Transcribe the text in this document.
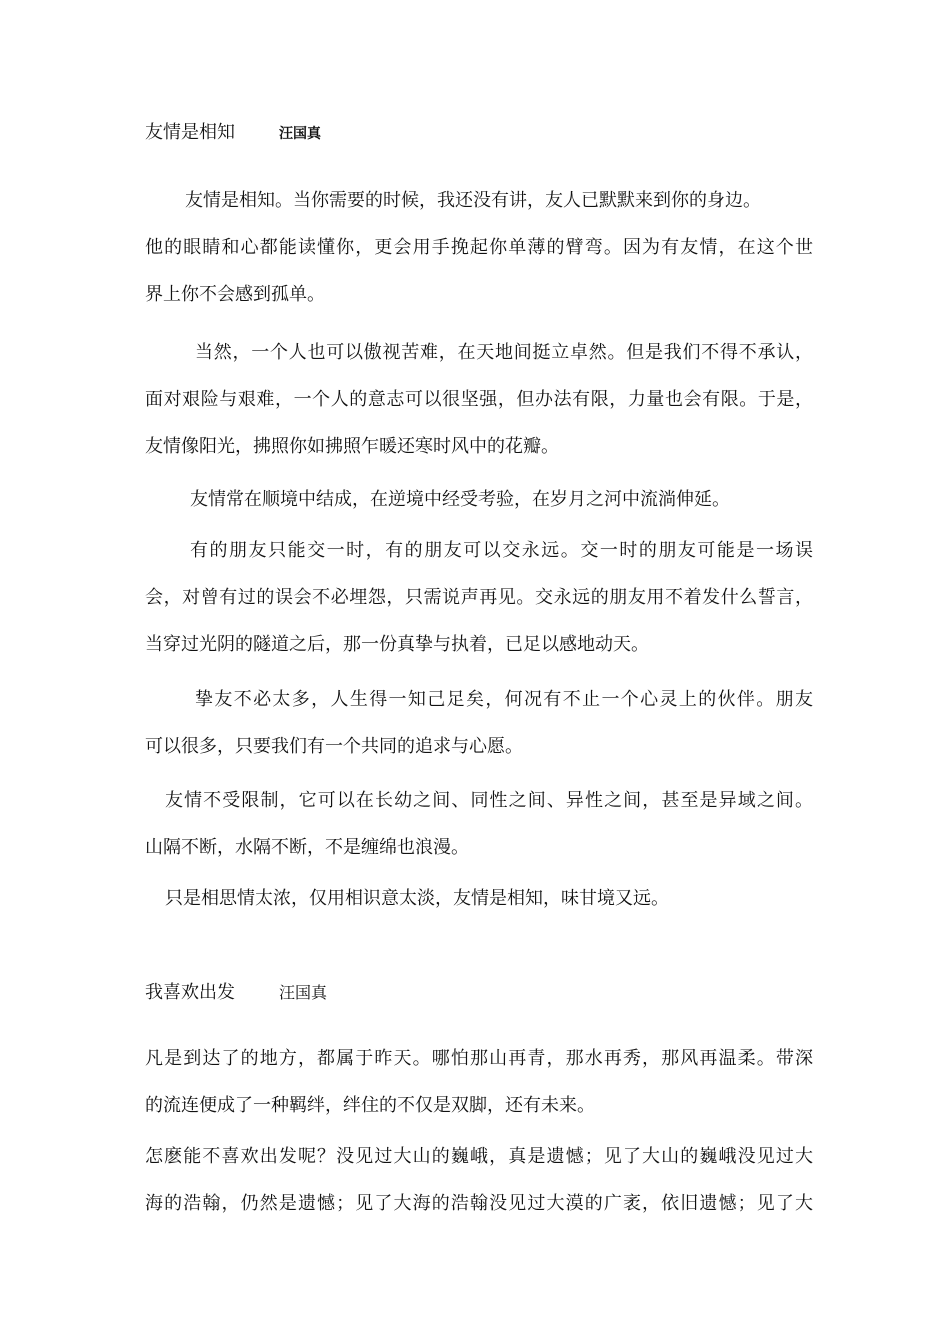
友情是相知	汪国真
友情是相知。当你需要的时候，我还没有讲，友人已默默来到你的身边。
他的眼睛和心都能读懂你，更会用手挽起你单薄的臂弯。因为有友情，在这个世
界上你不会感到孤单。
当然，一个人也可以傲视苦难，在天地间挺立卓然。但是我们不得不承认，
面对艰险与艰难，一个人的意志可以很坚强，但办法有限，力量也会有限。于是，
友情像阳光，拂照你如拂照乍暖还寒时风中的花瓣。
友情常在顺境中结成，在逆境中经受考验，在岁月之河中流淌伸延。
有的朋友只能交一时，有的朋友可以交永远。交一时的朋友可能是一场误
会，对曾有过的误会不必埋怨，只需说声再见。交永远的朋友用不着发什么誓言，
当穿过光阴的隧道之后，那一份真挚与执着，已足以感地动天。
挚友不必太多，人生得一知己足矣，何况有不止一个心灵上的伙伴。朋友
可以很多，只要我们有一个共同的追求与心愿。
友情不受限制，它可以在长幼之间、同性之间、异性之间，甚至是异域之间。
山隔不断，水隔不断，不是缠绵也浪漫。
只是相思情太浓，仅用相识意太淡，友情是相知，味甘境又远。
我喜欢出发	汪国真
凡是到达了的地方，都属于昨天。哪怕那山再青，那水再秀，那风再温柔。带深
的流连便成了一种羁绊，绊住的不仅是双脚，还有未来。
怎麽能不喜欢出发呢？没见过大山的巍峨，真是遗憾；见了大山的巍峨没见过大
海的浩翰，仍然是遗憾；见了大海的浩翰没见过大漠的广袤，依旧遗憾；见了大
